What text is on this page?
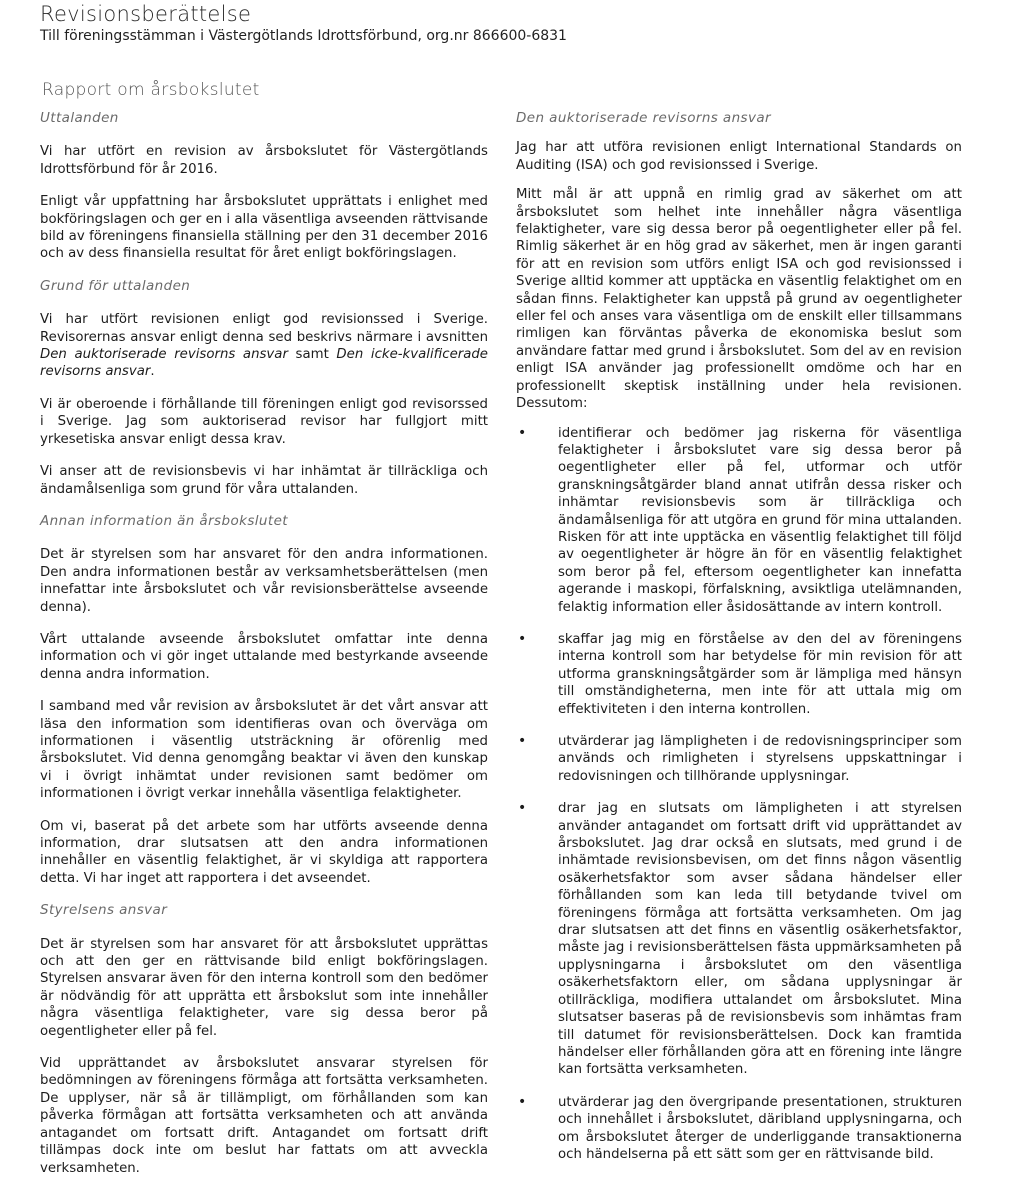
Revisionsberättelse
Till föreningsstämman i Västergötlands Idrottsförbund, org.nr 866600-6831
Rapport om årsbokslutet
Uttalanden

Vi har utfört en revision av årsbokslutet för Västergötlands Idrottsförbund för år 2016.

Enligt vår uppfattning har årsbokslutet upprättats i enlighet med bokföringslagen och ger en i alla väsentliga avseenden rättvisande bild av föreningens finansiella ställning per den 31 december 2016 och av dess finansiella resultat för året enligt bokföringslagen.

Grund för uttalanden

Vi har utfört revisionen enligt god revisionssed i Sverige. Revisorernas ansvar enligt denna sed beskrivs närmare i avsnitten Den auktoriserade revisorns ansvar samt Den icke-kvalificerade revisorns ansvar.

Vi är oberoende i förhållande till föreningen enligt god revisorssed i Sverige. Jag som auktoriserad revisor har fullgjort mitt yrkesetiska ansvar enligt dessa krav.

Vi anser att de revisionsbevis vi har inhämtat är tillräckliga och ändamålsenliga som grund för våra uttalanden.

Annan information än årsbokslutet

Det är styrelsen som har ansvaret för den andra informationen. Den andra informationen består av verksamhetsberättelsen (men innefattar inte årsbokslutet och vår revisionsberättelse avseende denna).

Vårt uttalande avseende årsbokslutet omfattar inte denna information och vi gör inget uttalande med bestyrkande avseende denna andra information.

I samband med vår revision av årsbokslutet är det vårt ansvar att läsa den information som identifieras ovan och överväga om informationen i väsentlig utsträckning är oförenlig med årsbokslutet. Vid denna genomgång beaktar vi även den kunskap vi i övrigt inhämtat under revisionen samt bedömer om informationen i övrigt verkar innehålla väsentliga felaktigheter.

Om vi, baserat på det arbete som har utförts avseende denna information, drar slutsatsen att den andra informationen innehåller en väsentlig felaktighet, är vi skyldiga att rapportera detta. Vi har inget att rapportera i det avseendet.

Styrelsens ansvar

Det är styrelsen som har ansvaret för att årsbokslutet upprättas och att den ger en rättvisande bild enligt bokföringslagen. Styrelsen ansvarar även för den interna kontroll som den bedömer är nödvändig för att upprätta ett årsbokslut som inte innehåller några väsentliga felaktigheter, vare sig dessa beror på oegentligheter eller på fel.

Vid upprättandet av årsbokslutet ansvarar styrelsen för bedömningen av föreningens förmåga att fortsätta verksamheten. De upplyser, när så är tillämpligt, om förhållanden som kan påverka förmågan att fortsätta verksamheten och att använda antagandet om fortsatt drift. Antagandet om fortsatt drift tillämpas dock inte om beslut har fattats om att avveckla verksamheten.

Den auktoriserade revisorns ansvar

Jag har att utföra revisionen enligt International Standards on Auditing (ISA) och god revisionssed i Sverige.

Mitt mål är att uppnå en rimlig grad av säkerhet om att årsbokslutet som helhet inte innehåller några väsentliga felaktigheter, vare sig dessa beror på oegentligheter eller på fel. Rimlig säkerhet är en hög grad av säkerhet, men är ingen garanti för att en revision som utförs enligt ISA och god revisionssed i Sverige alltid kommer att upptäcka en väsentlig felaktighet om en sådan finns. Felaktigheter kan uppstå på grund av oegentligheter eller fel och anses vara väsentliga om de enskilt eller tillsammans rimligen kan förväntas påverka de ekonomiska beslut som användare fattar med grund i årsbokslutet. Som del av en revision enligt ISA använder jag professionellt omdöme och har en professionellt skeptisk inställning under hela revisionen. Dessutom:

• identifierar och bedömer jag riskerna för väsentliga felaktigheter i årsbokslutet vare sig dessa beror på oegentligheter eller på fel, utformar och utför granskningsåtgärder bland annat utifrån dessa risker och inhämtar revisionsbevis som är tillräckliga och ändamålsenliga för att utgöra en grund för mina uttalanden. Risken för att inte upptäcka en väsentlig felaktighet till följd av oegentligheter är högre än för en väsentlig felaktighet som beror på fel, eftersom oegentligheter kan innefatta agerande i maskopi, förfalskning, avsiktliga utelämnanden, felaktig information eller åsidosättande av intern kontroll.
• skaffar jag mig en förståelse av den del av föreningens interna kontroll som har betydelse för min revision för att utforma granskningsåtgärder som är lämpliga med hänsyn till omständigheterna, men inte för att uttala mig om effektiviteten i den interna kontrollen.
• utvärderar jag lämpligheten i de redovisningsprinciper som används och rimligheten i styrelsens uppskattningar i redovisningen och tillhörande upplysningar.
• drar jag en slutsats om lämpligheten i att styrelsen använder antagandet om fortsatt drift vid upprättandet av årsbokslutet. Jag drar också en slutsats, med grund i de inhämtade revisionsbevisen, om det finns någon väsentlig osäkerhetsfaktor som avser sådana händelser eller förhållanden som kan leda till betydande tvivel om föreningens förmåga att fortsätta verksamheten. Om jag drar slutsatsen att det finns en väsentlig osäkerhetsfaktor, måste jag i revisionsberättelsen fästa uppmärksamheten på upplysningarna i årsbokslutet om den väsentliga osäkerhetsfaktorn eller, om sådana upplysningar är otillräckliga, modifiera uttalandet om årsbokslutet. Mina slutsatser baseras på de revisionsbevis som inhämtas fram till datumet för revisionsberättelsen. Dock kan framtida händelser eller förhållanden göra att en förening inte längre kan fortsätta verksamheten.
• utvärderar jag den övergripande presentationen, strukturen och innehållet i årsbokslutet, däribland upplysningarna, och om årsbokslutet återger de underliggande transaktionerna och händelserna på ett sätt som ger en rättvisande bild.
